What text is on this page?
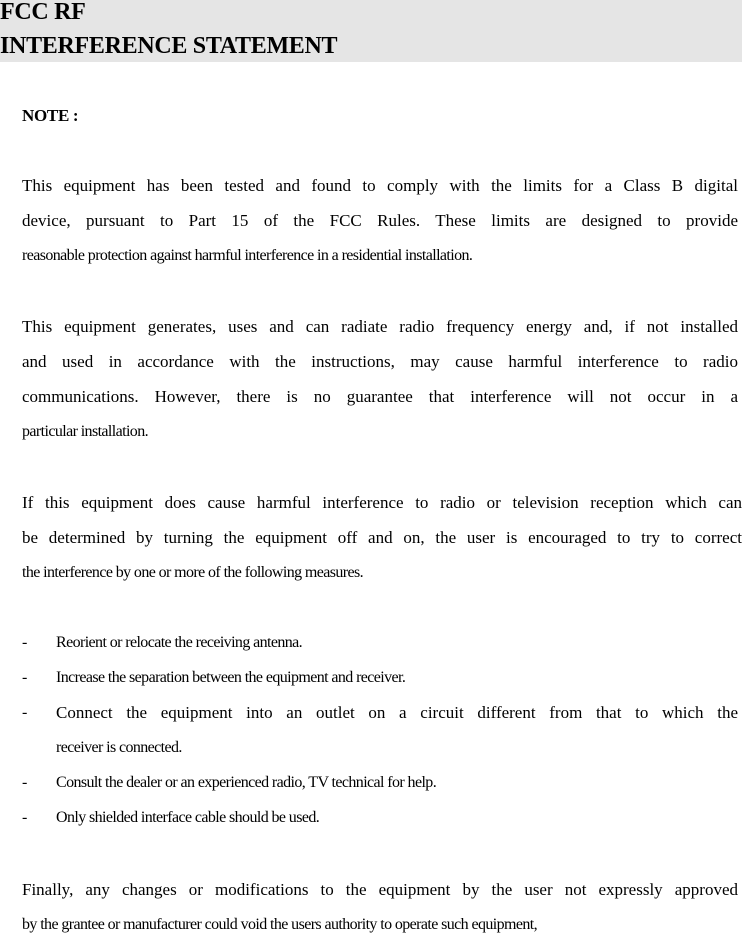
FCC RF
INTERFERENCE STATEMENT
NOTE :
This equipment has been tested and found to comply with the limits for a Class B digital
device, pursuant to Part 15 of the FCC Rules. These limits are designed to provide
reasonable protection against harmful interference in a residential installation.
This equipment generates, uses and can radiate radio frequency energy and, if not installed
and used in accordance with the instructions, may cause harmful interference to radio
communications. However, there is no guarantee that interference will not occur in a
particular installation.
If this equipment does cause harmful interference to radio or television reception which can
be determined by turning the equipment off and on, the user is encouraged to try to correct
the interference by one or more of the following measures.
- Reorient or relocate the receiving antenna.
- Increase the separation between the equipment and receiver.
- Connect the equipment into an outlet on a circuit different from that to which the
receiver is connected.
- Consult the dealer or an experienced radio, TV technical for help.
- Only shielded interface cable should be used.
Finally, any changes or modifications to the equipment by the user not expressly approved
by the grantee or manufacturer could void the users authority to operate such equipment,
